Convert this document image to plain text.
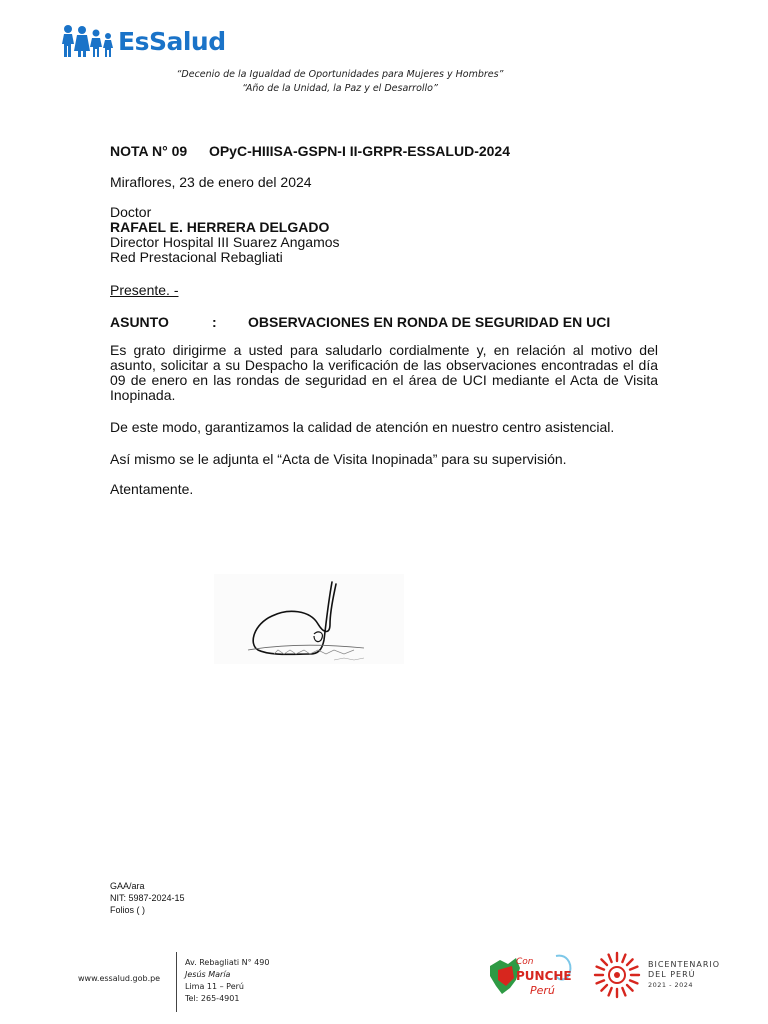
EsSalud
“Decenio de la Igualdad de Oportunidades para Mujeres y Hombres”
“Año de la Unidad, la Paz y el Desarrollo”
NOTA N° 09 OPyC-HIIISA-GSPN-I II-GRPR-ESSALUD-2024
Miraflores, 23 de enero del 2024
Doctor
RAFAEL E. HERRERA DELGADO
Director Hospital III Suarez Angamos
Red Prestacional Rebagliati
Presente. -
ASUNTO	:	OBSERVACIONES EN RONDA DE SEGURIDAD EN UCI
Es grato dirigirme a usted para saludarlo cordialmente y, en relación al motivo del asunto, solicitar a su Despacho la verificación de las observaciones encontradas el día 09 de enero en las rondas de seguridad en el área de UCI mediante el Acta de Visita Inopinada.
De este modo, garantizamos la calidad de atención en nuestro centro asistencial.
Así mismo se le adjunta el “Acta de Visita Inopinada” para su supervisión.
Atentamente.
GAA/ara
NIT: 5987-2024-15
Folios ( )
www.essalud.gob.pe
Av. Rebagliati N° 490
Jesús María
Lima 11 – Perú
Tel: 265-4901
Con
PUNCHE
Perú
BICENTENARIO
DEL PERÚ
2021 - 2024
